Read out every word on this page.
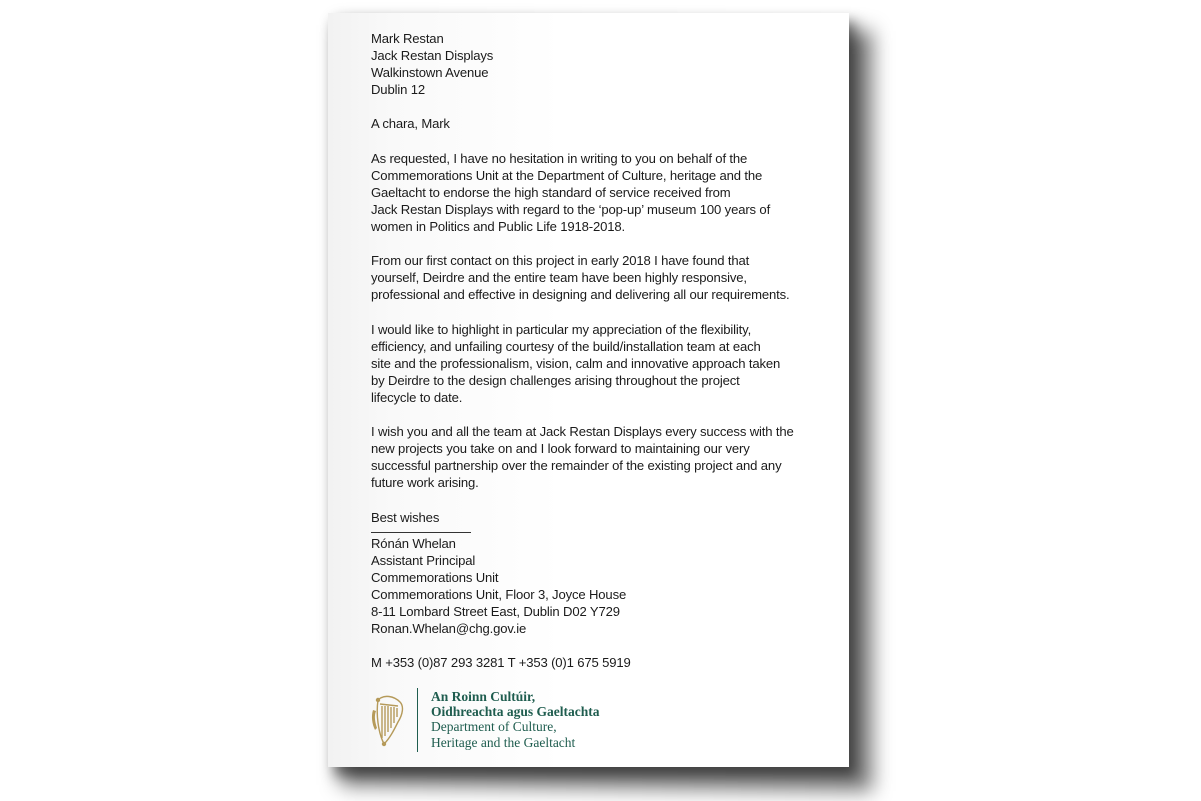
Mark Restan
Jack Restan Displays
Walkinstown Avenue
Dublin 12
A chara, Mark
As requested, I have no hesitation in writing to you on behalf of the
Commemorations Unit at the Department of Culture, heritage and the
Gaeltacht to endorse the high standard of service received from
Jack Restan Displays with regard to the ‘pop-up’ museum 100 years of
women in Politics and Public Life 1918-2018.
From our first contact on this project in early 2018 I have found that
yourself, Deirdre and the entire team have been highly responsive,
professional and effective in designing and delivering all our requirements.
I would like to highlight in particular my appreciation of the flexibility,
efficiency, and unfailing courtesy of the build/installation team at each
site and the professionalism, vision, calm and innovative approach taken
by Deirdre to the design challenges arising throughout the project
lifecycle to date.
I wish you and all the team at Jack Restan Displays every success with the
new projects you take on and I look forward to maintaining our very
successful partnership over the remainder of the existing project and any
future work arising.
Best wishes
Rónán Whelan
Assistant Principal
Commemorations Unit
Commemorations Unit, Floor 3, Joyce House
8-11 Lombard Street East, Dublin D02 Y729
Ronan.Whelan@chg.gov.ie
M +353 (0)87 293 3281 T +353 (0)1 675 5919
An Roinn Cultúir,
Oidhreachta agus Gaeltachta
Department of Culture,
Heritage and the Gaeltacht
